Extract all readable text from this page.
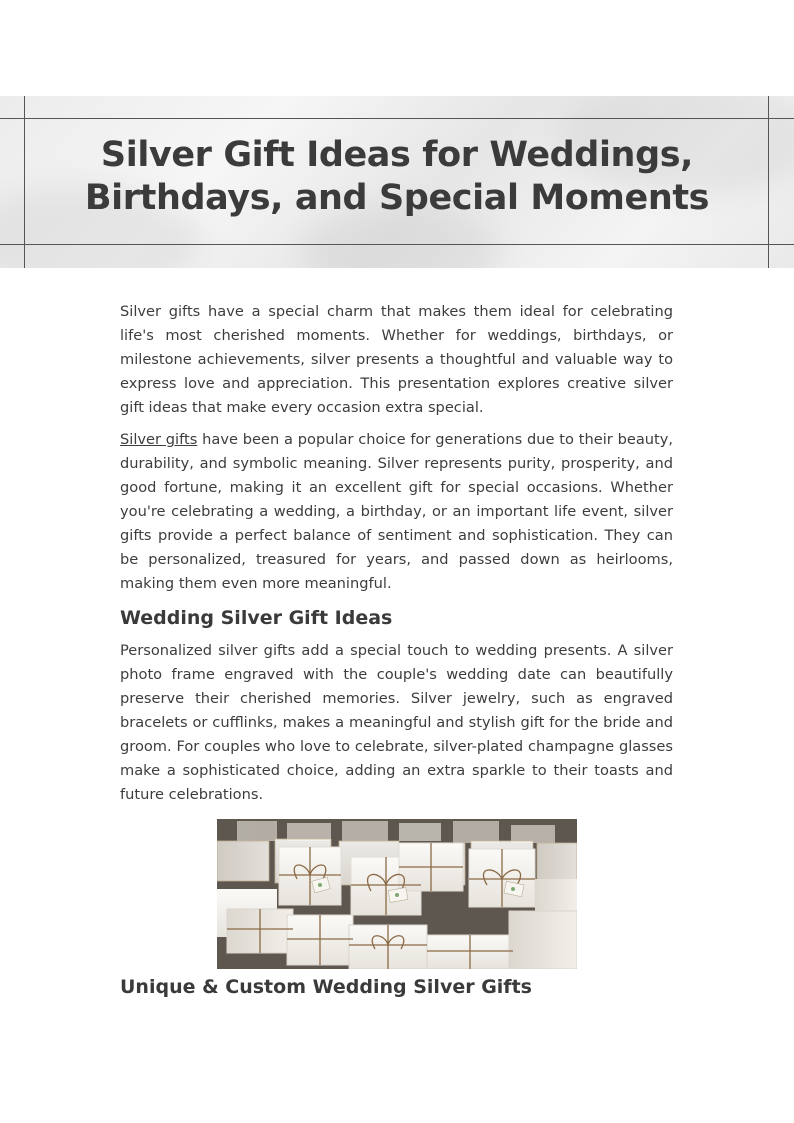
Silver Gift Ideas for Weddings,
Birthdays, and Special Moments

Silver gifts have a special charm that makes them ideal for celebrating life's most cherished moments. Whether for weddings, birthdays, or milestone achievements, silver presents a thoughtful and valuable way to express love and appreciation. This presentation explores creative silver gift ideas that make every occasion extra special.

Silver gifts have been a popular choice for generations due to their beauty, durability, and symbolic meaning. Silver represents purity, prosperity, and good fortune, making it an excellent gift for special occasions. Whether you're celebrating a wedding, a birthday, or an important life event, silver gifts provide a perfect balance of sentiment and sophistication. They can be personalized, treasured for years, and passed down as heirlooms, making them even more meaningful.

Wedding Silver Gift Ideas

Personalized silver gifts add a special touch to wedding presents. A silver photo frame engraved with the couple's wedding date can beautifully preserve their cherished memories. Silver jewelry, such as engraved bracelets or cufflinks, makes a meaningful and stylish gift for the bride and groom. For couples who love to celebrate, silver-plated champagne glasses make a sophisticated choice, adding an extra sparkle to their toasts and future celebrations.

Unique & Custom Wedding Silver Gifts
